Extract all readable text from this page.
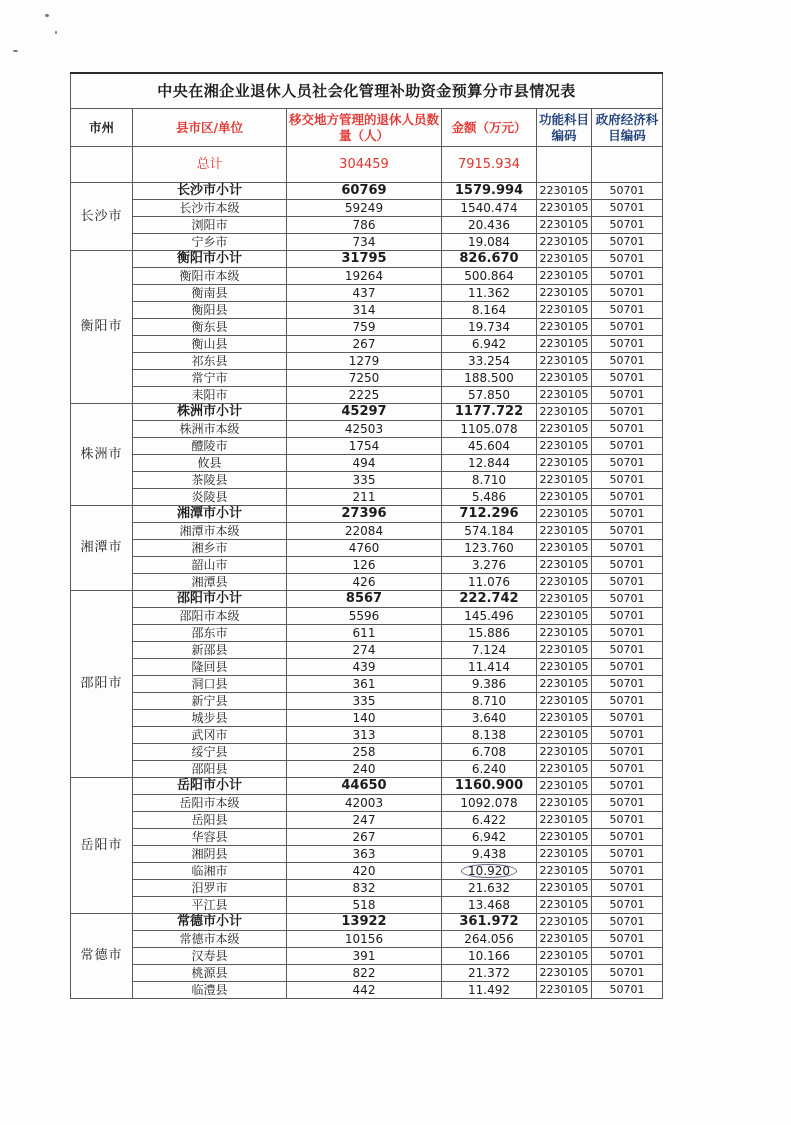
中央在湘企业退休人员社会化管理补助资金预算分市县情况表					
市州	县市区/单位	移交地方管理的退休人员数量（人）	金额（万元）	功能科目编码	政府经济科目编码
	总计	304459	7915.934		
长沙市	长沙市小计	60769	1579.994	2230105	50701
	长沙市本级	59249	1540.474	2230105	50701
	浏阳市	786	20.436	2230105	50701
	宁乡市	734	19.084	2230105	50701
衡阳市	衡阳市小计	31795	826.670	2230105	50701
	衡阳市本级	19264	500.864	2230105	50701
	衡南县	437	11.362	2230105	50701
	衡阳县	314	8.164	2230105	50701
	衡东县	759	19.734	2230105	50701
	衡山县	267	6.942	2230105	50701
	祁东县	1279	33.254	2230105	50701
	常宁市	7250	188.500	2230105	50701
	耒阳市	2225	57.850	2230105	50701
株洲市	株洲市小计	45297	1177.722	2230105	50701
	株洲市本级	42503	1105.078	2230105	50701
	醴陵市	1754	45.604	2230105	50701
	攸县	494	12.844	2230105	50701
	茶陵县	335	8.710	2230105	50701
	炎陵县	211	5.486	2230105	50701
湘潭市	湘潭市小计	27396	712.296	2230105	50701
	湘潭市本级	22084	574.184	2230105	50701
	湘乡市	4760	123.760	2230105	50701
	韶山市	126	3.276	2230105	50701
	湘潭县	426	11.076	2230105	50701
邵阳市	邵阳市小计	8567	222.742	2230105	50701
	邵阳市本级	5596	145.496	2230105	50701
	邵东市	611	15.886	2230105	50701
	新邵县	274	7.124	2230105	50701
	隆回县	439	11.414	2230105	50701
	洞口县	361	9.386	2230105	50701
	新宁县	335	8.710	2230105	50701
	城步县	140	3.640	2230105	50701
	武冈市	313	8.138	2230105	50701
	绥宁县	258	6.708	2230105	50701
	邵阳县	240	6.240	2230105	50701
岳阳市	岳阳市小计	44650	1160.900	2230105	50701
	岳阳市本级	42003	1092.078	2230105	50701
	岳阳县	247	6.422	2230105	50701
	华容县	267	6.942	2230105	50701
	湘阴县	363	9.438	2230105	50701
	临湘市	420	10.920	2230105	50701
	汨罗市	832	21.632	2230105	50701
	平江县	518	13.468	2230105	50701
常德市	常德市小计	13922	361.972	2230105	50701
	常德市本级	10156	264.056	2230105	50701
	汉寿县	391	10.166	2230105	50701
	桃源县	822	21.372	2230105	50701
	临澧县	442	11.492	2230105	50701
